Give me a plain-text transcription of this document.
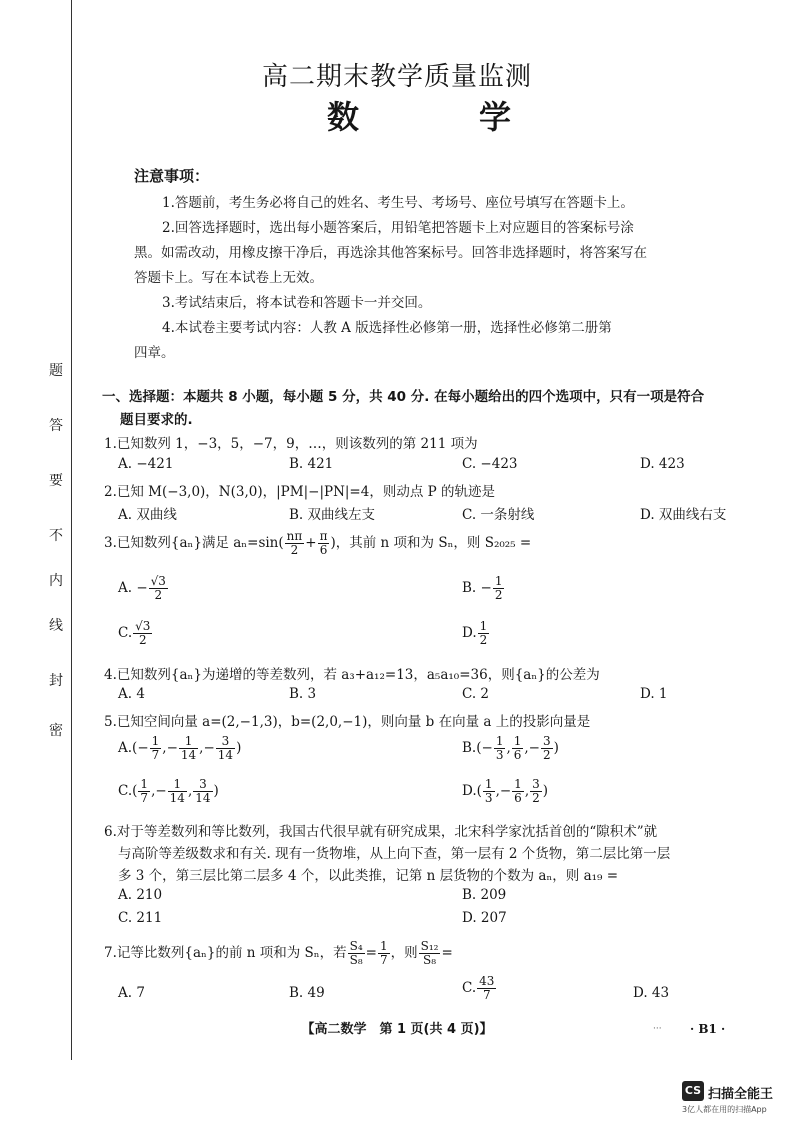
题
答
要
不
内
线
封
密
高二期末教学质量监测
数　学
注意事项：
1.答题前，考生务必将自己的姓名、考生号、考场号、座位号填写在答题卡上。
2.回答选择题时，选出每小题答案后，用铅笔把答题卡上对应题目的答案标号涂
黑。如需改动，用橡皮擦干净后，再选涂其他答案标号。回答非选择题时，将答案写在
答题卡上。写在本试卷上无效。
3.考试结束后，将本试卷和答题卡一并交回。
4.本试卷主要考试内容：人教 A 版选择性必修第一册，选择性必修第二册第
四章。
一、选择题：本题共 8 小题，每小题 5 分，共 40 分. 在每小题给出的四个选项中，只有一项是符合
题目要求的.
1.已知数列 1，−3，5，−7，9，…，则该数列的第 211 项为
A. −421	B. 421	C. −423	D. 423
2.已知 M(−3,0)，N(3,0)，|PM|−|PN|=4，则动点 P 的轨迹是
A. 双曲线	B. 双曲线左支	C. 一条射线	D. 双曲线右支
3.已知数列{aₙ}满足 $a_n=\sin( \frac{n\pi}{2} + \frac{\pi}{6}$ )，其前 n 项和为 Sₙ，则 S₂₀₂₅ =
A. − $\frac{√3}{2}$	B. − $\frac{1}{2}$
C. $\frac{√3}{2}$	D. $\frac{1}{2}$
4.已知数列{aₙ}为递增的等差数列，若 a₃+a₁₂=13，a₅a₁₀=36，则{aₙ}的公差为
A. 4	B. 3	C. 2	D. 1
5.已知空间向量 a=(2,−1,3)，b=(2,0,−1)，则向量 b 在向量 a 上的投影向量是
$A.(- \frac{1}{7}$ ,− $\frac{1}{14}$ ,− $\frac{3}{14}$ )	$B.(- \frac{1}{3}$ , $\frac{1}{6}$ ,− $\frac{3}{2}$ )
$C.( \frac{1}{7}$ ,− $\frac{1}{14}$ , $\frac{3}{14}$ )	$D.( \frac{1}{3}$ ,− $\frac{1}{6}$ , $\frac{3}{2}$ )
6.对于等差数列和等比数列，我国古代很早就有研究成果，北宋科学家沈括首创的“隙积术”就
与高阶等差级数求和有关. 现有一货物堆，从上向下查，第一层有 2 个货物，第二层比第一层
多 3 个，第三层比第二层多 4 个，以此类推，记第 n 层货物的个数为 aₙ，则 a₁₉ =
A. 210	B. 209
C. 211	D. 207
7.记等比数列{aₙ}的前 n 项和为 Sₙ，若 $\frac{\text{S₄}}{\text{S₈}} = \frac{1}{7}$ ，则 $\frac{\text{S₁₂}}{\text{S₈}}$ =
A. 7	B. 49	C. $\frac{43}{7}$	D. 43
【高二数学　第 1 页(共 4 页)】	··· · B1 ·
CS 扫描全能王
3亿人都在用的扫描App
